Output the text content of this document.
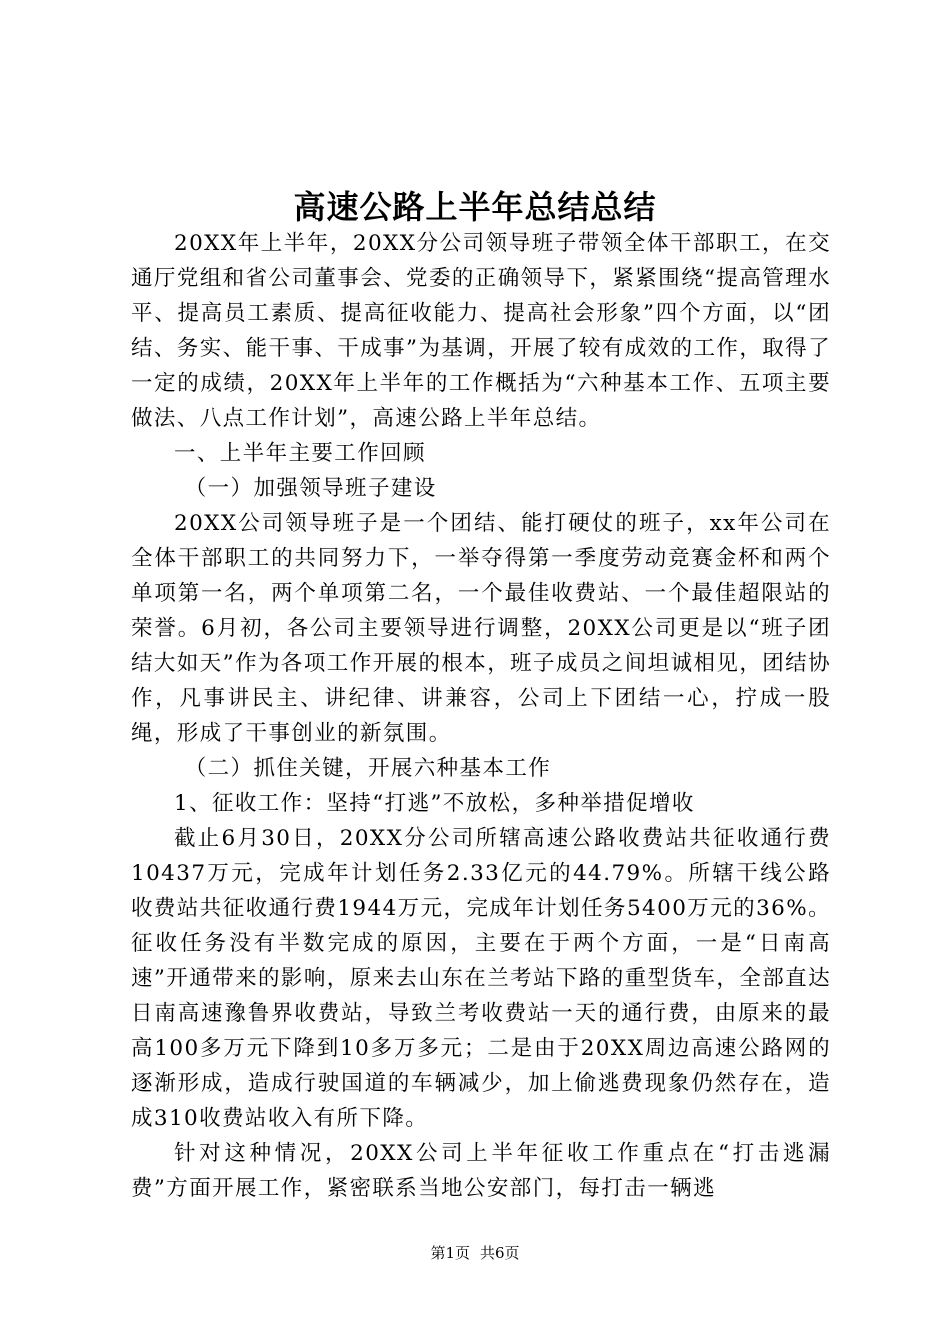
高速公路上半年总结总结

20XX年上半年，20XX分公司领导班子带领全体干部职工，在交通厅党组和省公司董事会、党委的正确领导下，紧紧围绕“提高管理水平、提高员工素质、提高征收能力、提高社会形象”四个方面，以“团结、务实、能干事、干成事”为基调，开展了较有成效的工作，取得了一定的成绩，20XX年上半年的工作概括为“六种基本工作、五项主要做法、八点工作计划”，高速公路上半年总结。

一、上半年主要工作回顾

（一）加强领导班子建设

20XX公司领导班子是一个团结、能打硬仗的班子，xx年公司在全体干部职工的共同努力下，一举夺得第一季度劳动竞赛金杯和两个单项第一名，两个单项第二名，一个最佳收费站、一个最佳超限站的荣誉。6月初，各公司主要领导进行调整，20XX公司更是以“班子团结大如天”作为各项工作开展的根本，班子成员之间坦诚相见，团结协作，凡事讲民主、讲纪律、讲兼容，公司上下团结一心，拧成一股绳，形成了干事创业的新氛围。

（二）抓住关键，开展六种基本工作

1、征收工作：坚持“打逃”不放松，多种举措促增收

截止6月30日，20XX分公司所辖高速公路收费站共征收通行费10437万元，完成年计划任务2.33亿元的44.79%。所辖干线公路收费站共征收通行费1944万元，完成年计划任务5400万元的36%。征收任务没有半数完成的原因，主要在于两个方面，一是“日南高速”开通带来的影响，原来去山东在兰考站下路的重型货车，全部直达日南高速豫鲁界收费站，导致兰考收费站一天的通行费，由原来的最高100多万元下降到10多万多元；二是由于20XX周边高速公路网的逐渐形成，造成行驶国道的车辆减少，加上偷逃费现象仍然存在，造成310收费站收入有所下降。

针对这种情况，20XX公司上半年征收工作重点在“打击逃漏费”方面开展工作，紧密联系当地公安部门，每打击一辆逃

第1页 共6页
